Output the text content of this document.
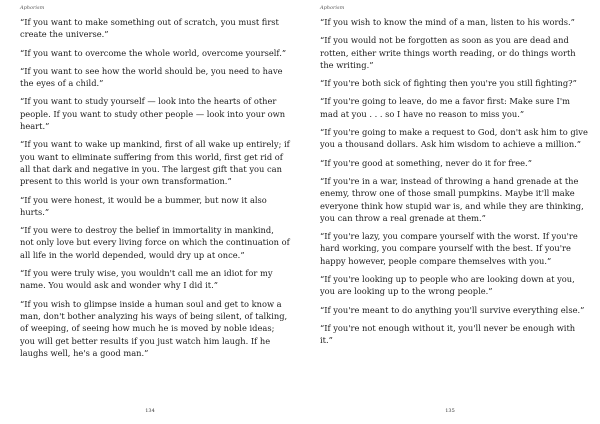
Aphorism
“If you want to make something out of scratch, you must first create the universe.”
“If you want to overcome the whole world, overcome yourself.”
“If you want to see how the world should be, you need to have the eyes of a child.”
“If you want to study yourself — look into the hearts of other people. If you want to study other people — look into your own heart.”
“If you want to wake up mankind, first of all wake up entirely; if you want to eliminate suffering from this world, first get rid of all that dark and negative in you. The largest gift that you can present to this world is your own transformation.”
“If you were honest, it would be a bummer, but now it also hurts.”
“If you were to destroy the belief in immortality in mankind, not only love but every living force on which the continuation of all life in the world depended, would dry up at once.”
“If you were truly wise, you wouldn't call me an idiot for my name. You would ask and wonder why I did it.”
“If you wish to glimpse inside a human soul and get to know a man, don't bother analyzing his ways of being silent, of talking, of weeping, of seeing how much he is moved by noble ideas; you will get better results if you just watch him laugh. If he laughs well, he's a good man.”
134
Aphorism
“If you wish to know the mind of a man, listen to his words.”
“If you would not be forgotten as soon as you are dead and rotten, either write things worth reading, or do things worth the writing.”
“If you're both sick of fighting then you're you still fighting?”
“If you're going to leave, do me a favor first: Make sure I'm mad at you . . . so I have no reason to miss you.”
“If you're going to make a request to God, don't ask him to give you a thousand dollars. Ask him wisdom to achieve a million.”
“If you're good at something, never do it for free.”
“If you're in a war, instead of throwing a hand grenade at the enemy, throw one of those small pumpkins. Maybe it'll make everyone think how stupid war is, and while they are thinking, you can throw a real grenade at them.”
“If you're lazy, you compare yourself with the worst. If you're hard working, you compare yourself with the best. If you're happy however, people compare themselves with you.”
“If you're looking up to people who are looking down at you, you are looking up to the wrong people.”
“If you're meant to do anything you'll survive everything else.”
“If you're not enough without it, you'll never be enough with it.”
135
